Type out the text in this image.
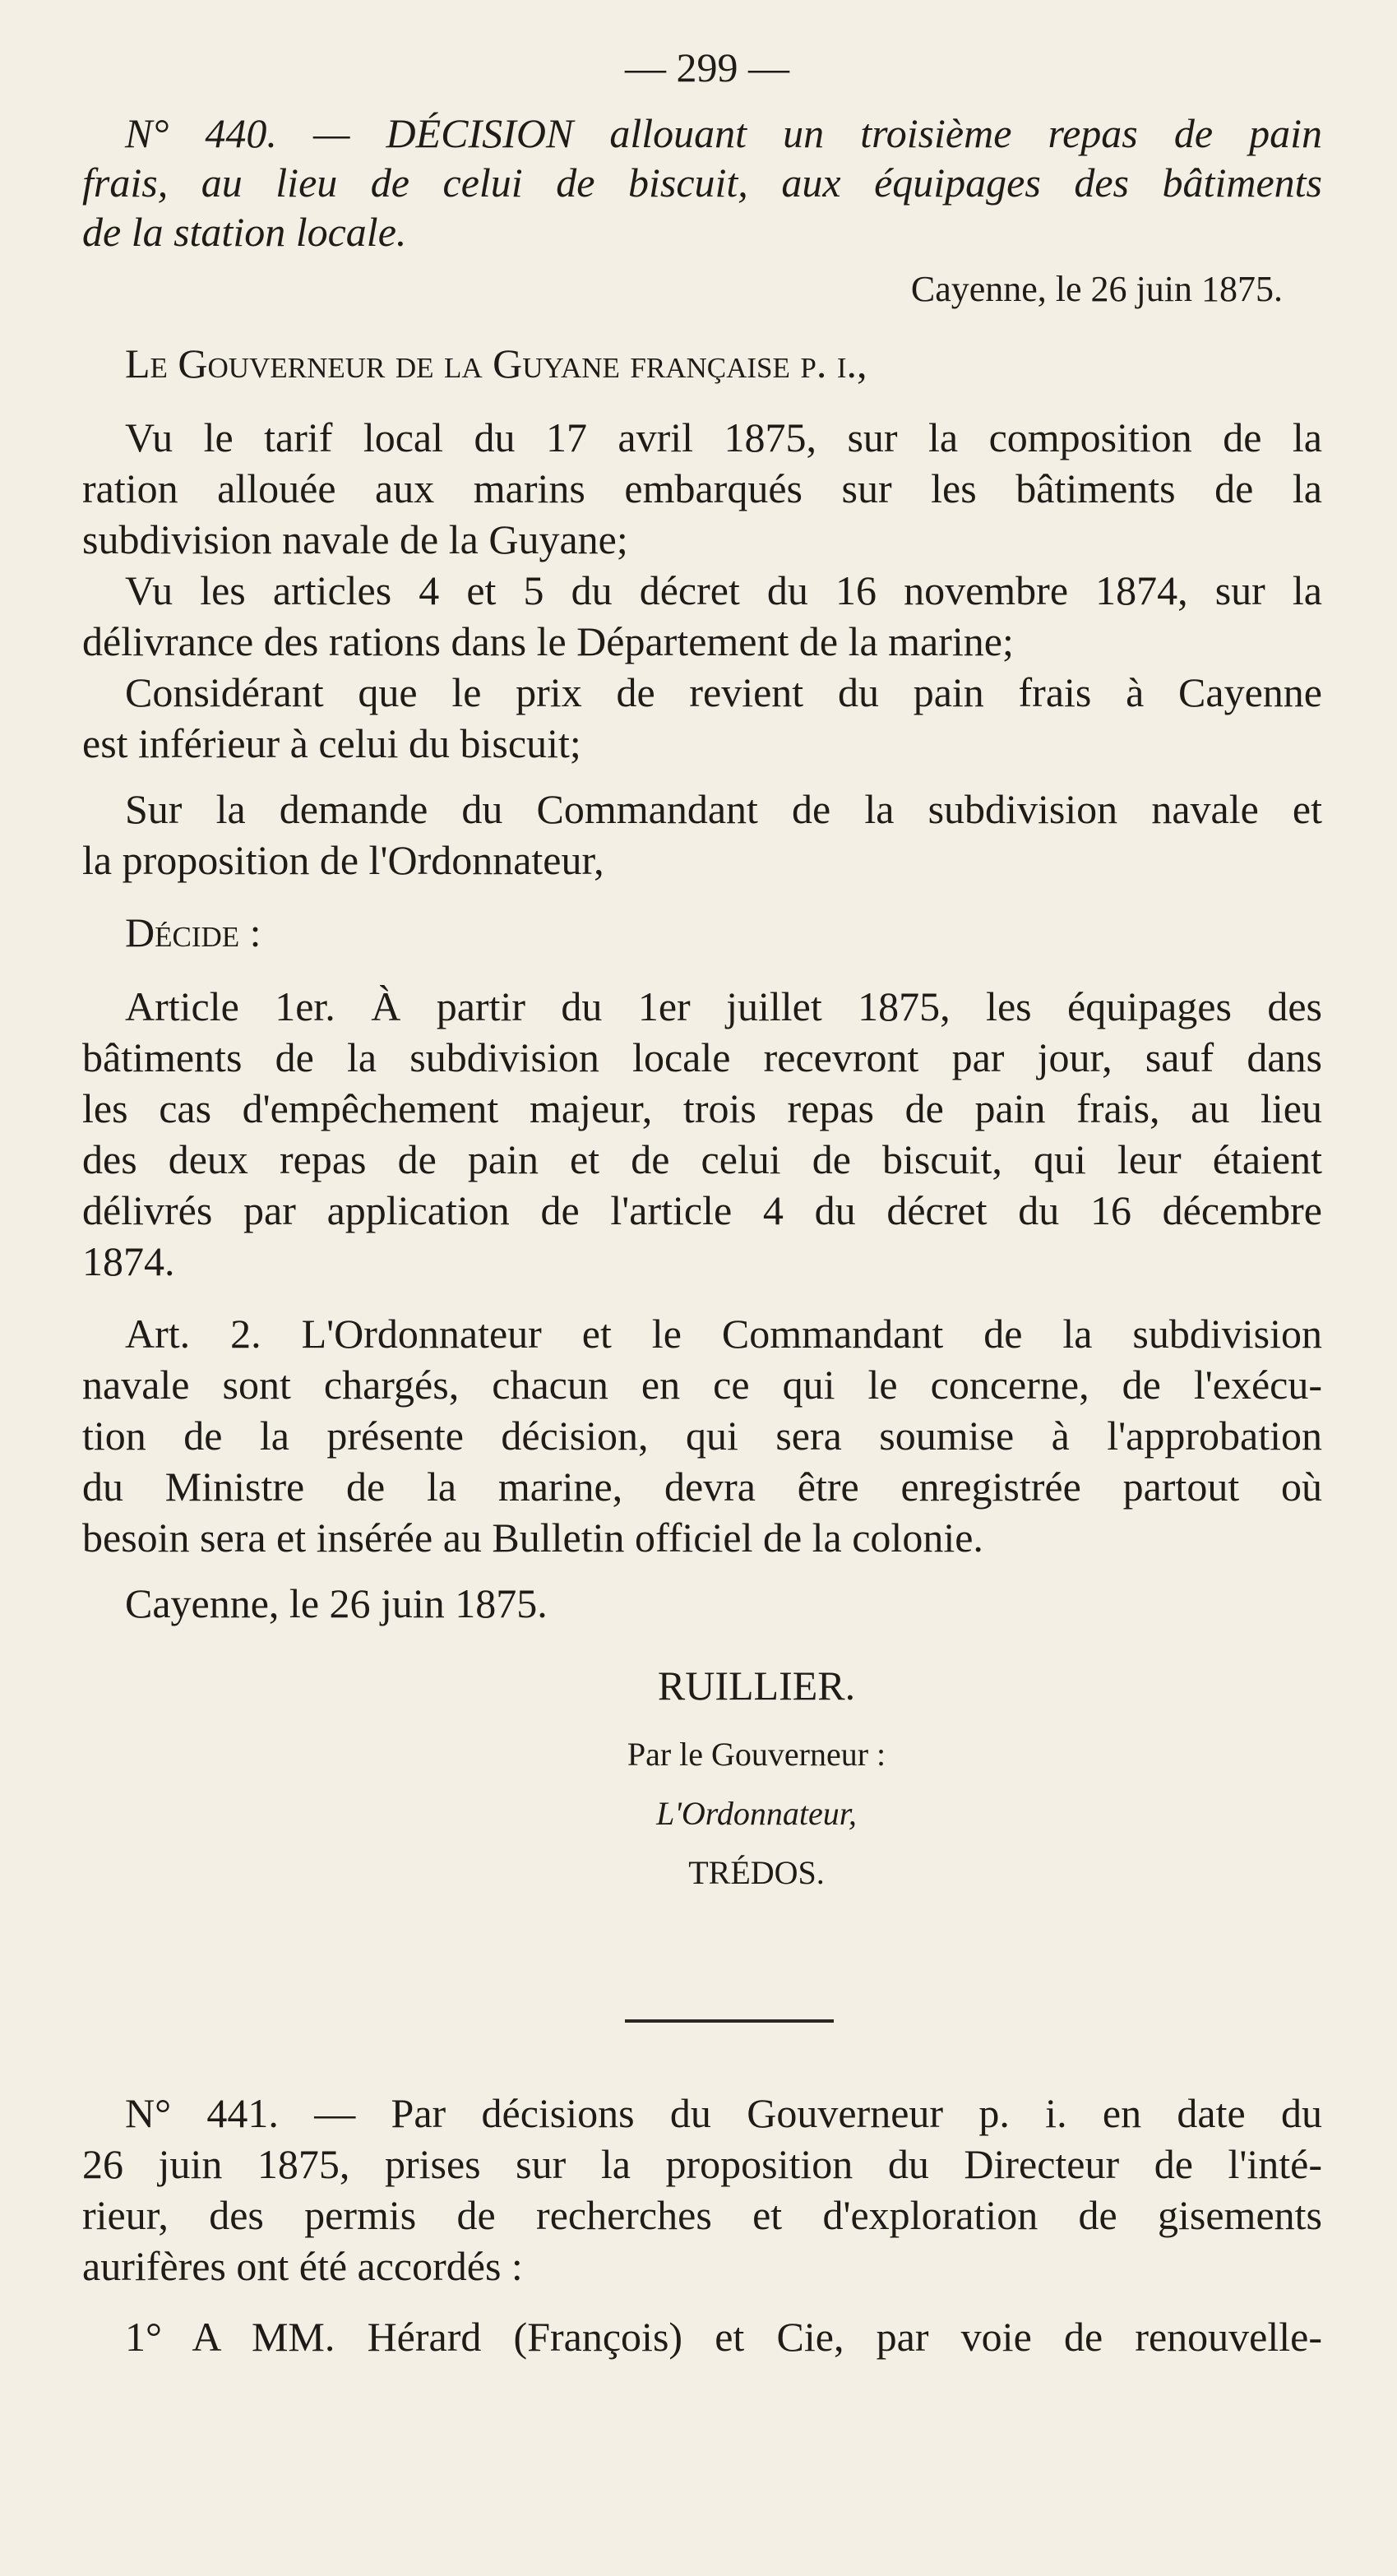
— 299 —
N° 440. — DÉCISION allouant un troisième repas de pain
frais, au lieu de celui de biscuit, aux équipages des bâtiments
de la station locale.
Cayenne, le 26 juin 1875.
Le Gouverneur de la Guyane française p. i.,
Vu le tarif local du 17 avril 1875, sur la composition de la
ration allouée aux marins embarqués sur les bâtiments de la
subdivision navale de la Guyane;
Vu les articles 4 et 5 du décret du 16 novembre 1874, sur la
délivrance des rations dans le Département de la marine;
Considérant que le prix de revient du pain frais à Cayenne
est inférieur à celui du biscuit;
Sur la demande du Commandant de la subdivision navale et
la proposition de l'Ordonnateur,
Décide :
Article 1er. À partir du 1er juillet 1875, les équipages des
bâtiments de la subdivision locale recevront par jour, sauf dans
les cas d'empêchement majeur, trois repas de pain frais, au lieu
des deux repas de pain et de celui de biscuit, qui leur étaient
délivrés par application de l'article 4 du décret du 16 décembre
1874.
Art. 2. L'Ordonnateur et le Commandant de la subdivision
navale sont chargés, chacun en ce qui le concerne, de l'exécu-
tion de la présente décision, qui sera soumise à l'approbation
du Ministre de la marine, devra être enregistrée partout où
besoin sera et insérée au Bulletin officiel de la colonie.
Cayenne, le 26 juin 1875.
RUILLIER.
Par le Gouverneur :
L'Ordonnateur,
TRÉDOS.
N° 441. — Par décisions du Gouverneur p. i. en date du
26 juin 1875, prises sur la proposition du Directeur de l'inté-
rieur, des permis de recherches et d'exploration de gisements
aurifères ont été accordés :
1° A MM. Hérard (François) et Cie, par voie de renouvelle-
